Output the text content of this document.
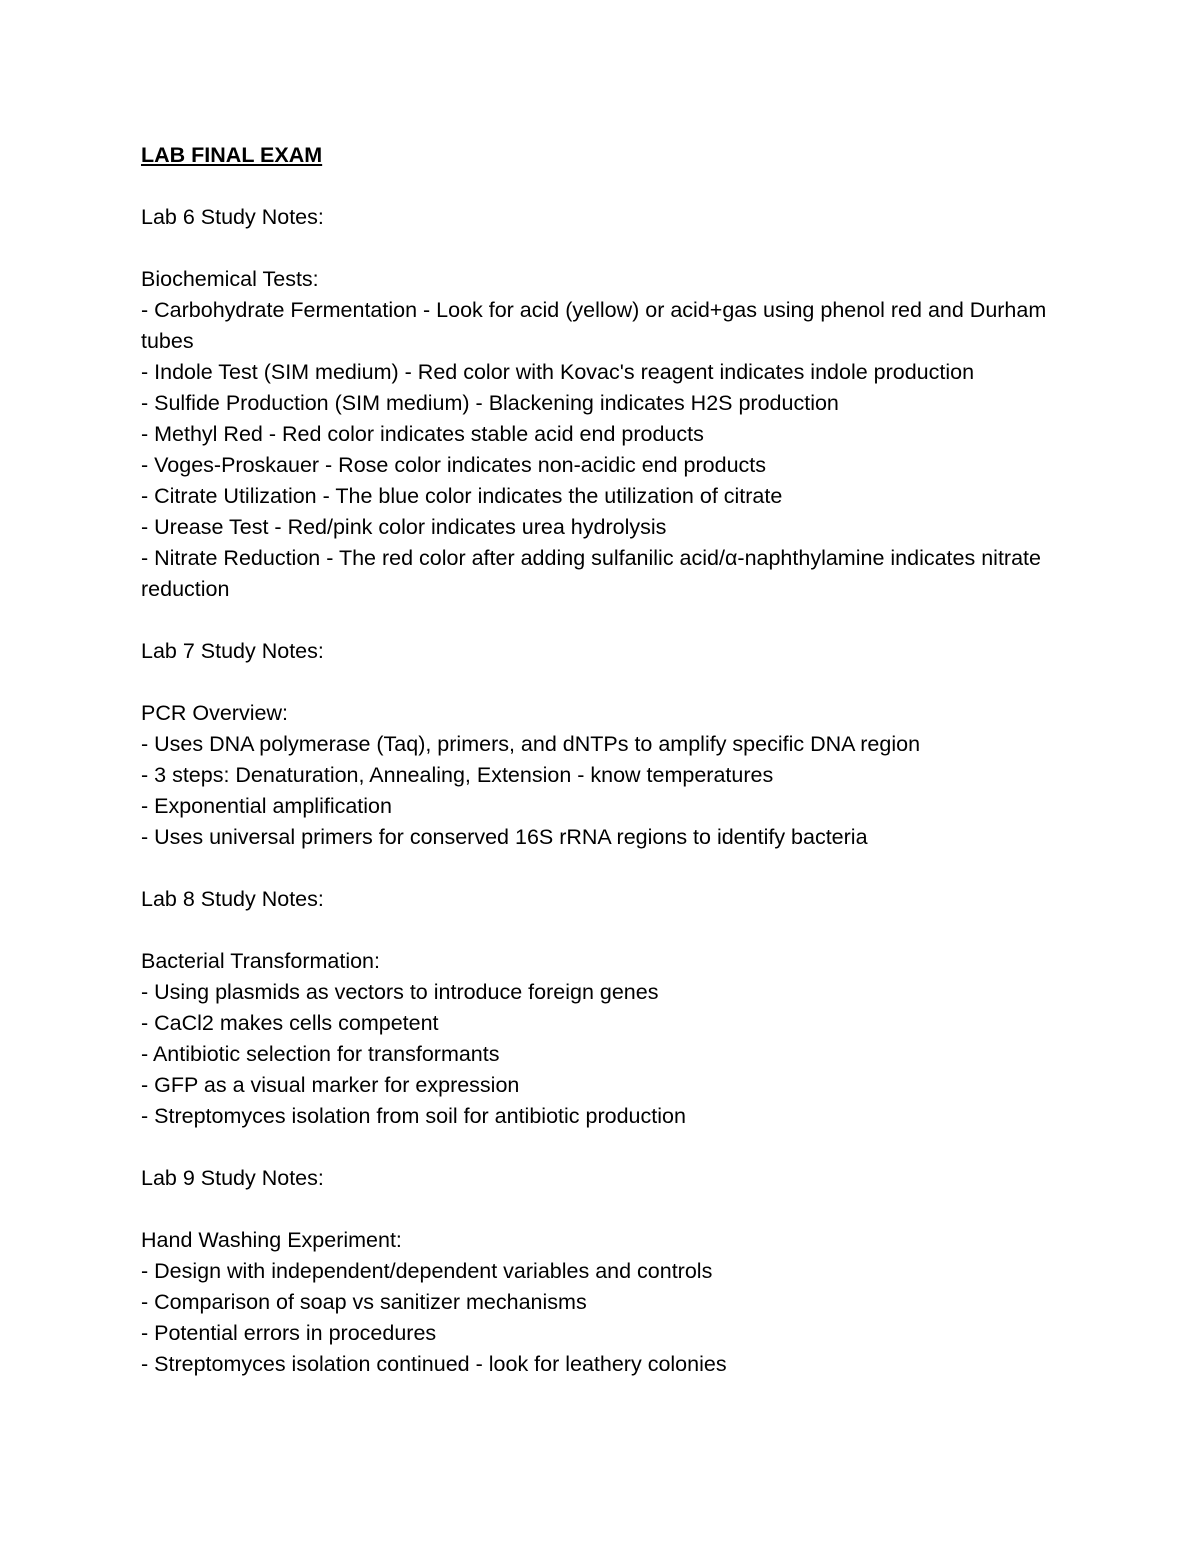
LAB FINAL EXAM

Lab 6 Study Notes:

Biochemical Tests:

- Carbohydrate Fermentation - Look for acid (yellow) or acid+gas using phenol red and Durham tubes

- Indole Test (SIM medium) - Red color with Kovac's reagent indicates indole production

- Sulfide Production (SIM medium) - Blackening indicates H2S production

- Methyl Red - Red color indicates stable acid end products

- Voges-Proskauer - Rose color indicates non-acidic end products

- Citrate Utilization - The blue color indicates the utilization of citrate

- Urease Test - Red/pink color indicates urea hydrolysis

- Nitrate Reduction - The red color after adding sulfanilic acid/α-naphthylamine indicates nitrate reduction

Lab 7 Study Notes:

PCR Overview:

- Uses DNA polymerase (Taq), primers, and dNTPs to amplify specific DNA region

- 3 steps: Denaturation, Annealing, Extension - know temperatures

- Exponential amplification

- Uses universal primers for conserved 16S rRNA regions to identify bacteria

Lab 8 Study Notes:

Bacterial Transformation:

- Using plasmids as vectors to introduce foreign genes

- CaCl2 makes cells competent

- Antibiotic selection for transformants

- GFP as a visual marker for expression

- Streptomyces isolation from soil for antibiotic production

Lab 9 Study Notes:

Hand Washing Experiment:

- Design with independent/dependent variables and controls

- Comparison of soap vs sanitizer mechanisms

- Potential errors in procedures

- Streptomyces isolation continued - look for leathery colonies
